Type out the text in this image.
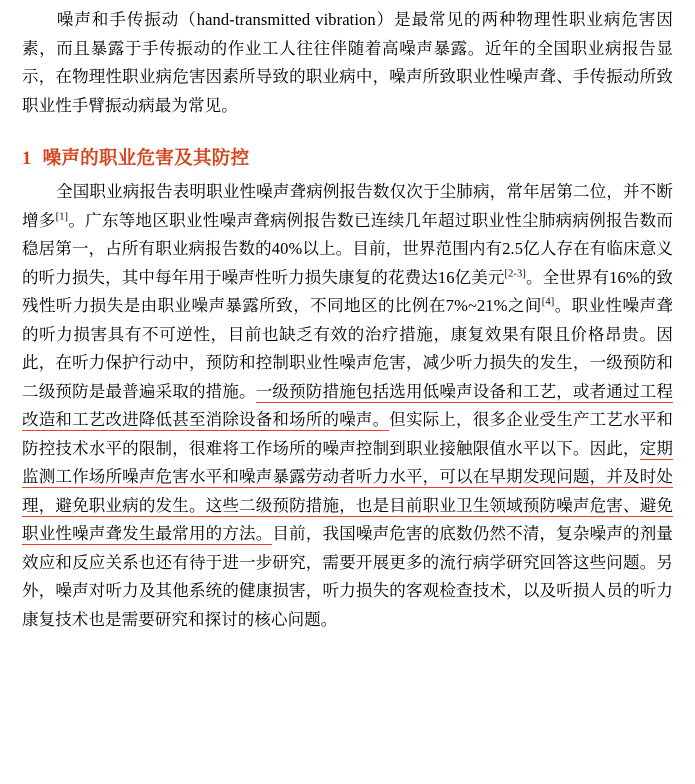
噪声和手传振动（hand-transmitted vibration）是最常见的两种物理性职业病危害因素，而且暴露于手传振动的作业工人往往伴随着高噪声暴露。近年的全国职业病报告显示，在物理性职业病危害因素所导致的职业病中，噪声所致职业性噪声聋、手传振动所致职业性手臂振动病最为常见。

1 噪声的职业危害及其防控

全国职业病报告表明职业性噪声聋病例报告数仅次于尘肺病，常年居第二位，并不断增多[1]。广东等地区职业性噪声聋病例报告数已连续几年超过职业性尘肺病病例报告数而稳居第一，占所有职业病报告数的40%以上。目前，世界范围内有2.5亿人存在有临床意义的听力损失，其中每年用于噪声性听力损失康复的花费达16亿美元[2-3]。全世界有16%的致残性听力损失是由职业噪声暴露所致，不同地区的比例在7%~21%之间[4]。职业性噪声聋的听力损害具有不可逆性，目前也缺乏有效的治疗措施，康复效果有限且价格昂贵。因此，在听力保护行动中，预防和控制职业性噪声危害，减少听力损失的发生，一级预防和二级预防是最普遍采取的措施。一级预防措施包括选用低噪声设备和工艺，或者通过工程改造和工艺改进降低甚至消除设备和场所的噪声。但实际上，很多企业受生产工艺水平和防控技术水平的限制，很难将工作场所的噪声控制到职业接触限值水平以下。因此，定期监测工作场所噪声危害水平和噪声暴露劳动者听力水平，可以在早期发现问题，并及时处理，避免职业病的发生。这些二级预防措施，也是目前职业卫生领域预防噪声危害、避免职业性噪声聋发生最常用的方法。目前，我国噪声危害的底数仍然不清，复杂噪声的剂量效应和反应关系也还有待于进一步研究，需要开展更多的流行病学研究回答这些问题。另外，噪声对听力及其他系统的健康损害，听力损失的客观检查技术，以及听损人员的听力康复技术也是需要研究和探讨的核心问题。
